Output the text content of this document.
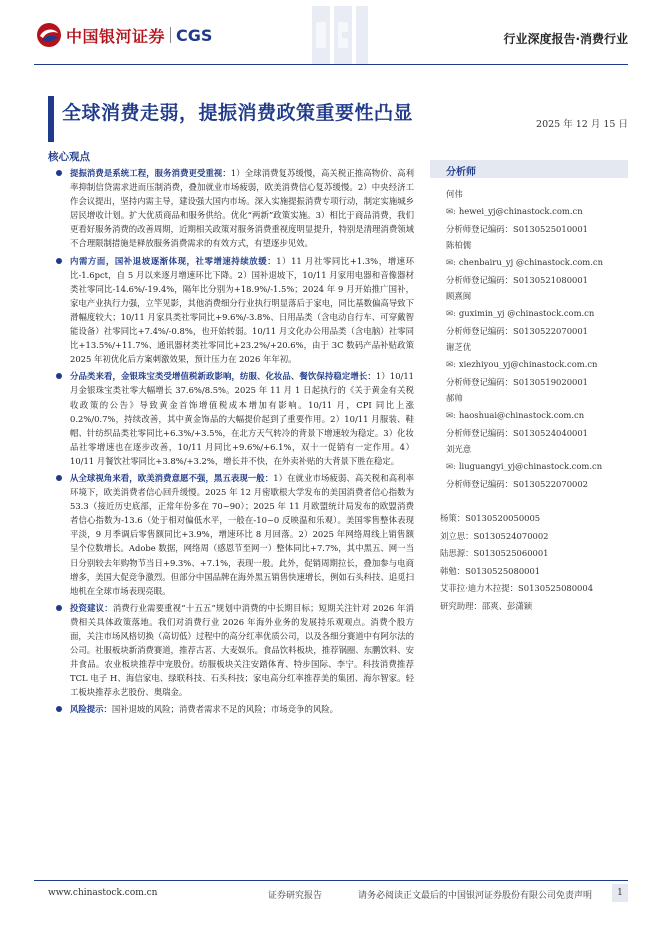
中国银河证券 CGS	行业深度报告·消费行业
全球消费走弱，提振消费政策重要性凸显
2025 年 12 月 15 日
核心观点
提振消费是系统工程，服务消费更受重视：1）全球消费复苏缓慢，高关税正推高物价、高利率抑制信贷需求进而压制消费，叠加就业市场疲弱，欧美消费信心复苏缓慢。2）中央经济工作会议提出，坚持内需主导，建设强大国内市场。深入实施提振消费专项行动，制定实施城乡居民增收计划。扩大优质商品和服务供给。优化“两新”政策实施。3）相比于商品消费，我们更看好服务消费的改善周期，近期相关政策对服务消费重视度明显提升，特别是清理消费领域不合理限制措施是释放服务消费需求的有效方式，有望逐步见效。
内需方面，国补退坡逐渐体现，社零增速持续放缓：1）11 月社零同比+1.3%，增速环比-1.6pct，自 5 月以来逐月增速环比下降。2）国补退坡下，10/11 月家用电器和音像器材类社零同比-14.6%/-19.4%，隔年比分别为+18.9%/-1.5%；2024 年 9 月开始推广国补，家电产业执行力强，立竿见影，其他消费细分行业执行明显落后于家电，同比基数偏高导致下滑幅度较大；10/11 月家具类社零同比+9.6%/-3.8%、日用品类（含电动自行车、可穿戴智能设备）社零同比+7.4%/-0.8%，也开始转弱。10/11 月文化办公用品类（含电脑）社零同比+13.5%/+11.7%、通讯器材类社零同比+23.2%/+20.6%，由于 3C 数码产品补贴政策 2025 年初优化后方案刺激效果，预计压力在 2026 年年初。
分品类来看，金银珠宝类受增值税新政影响，纺服、化妆品、餐饮保持稳定增长：1）10/11 月金银珠宝类社零大幅增长 37.6%/8.5%。2025 年 11 月 1 日起执行的《关于黄金有关税收政策的公告》导致黄金首饰增值税成本增加有影响。10/11 月，CPI 同比上涨 0.2%/0.7%，持续改善，其中黄金饰品的大幅提价起到了重要作用。2）10/11 月服装、鞋帽、针纺织品类社零同比+6.3%/+3.5%，在北方天气转冷的背景下增速较为稳定。3）化妆品社零增速也在逐步改善，10/11 月同比+9.6%/+6.1%，双十一促销有一定作用。4）10/11 月餐饮社零同比+3.8%/+3.2%，增长并不快，在外卖补贴的大背景下胜在稳定。
从全球视角来看，欧美消费意愿不强，黑五表现一般：1）在就业市场疲弱、高关税和高利率环境下，欧美消费者信心回升缓慢。2025 年 12 月密歇根大学发布的美国消费者信心指数为 53.3（接近历史底部，正常年份多在 70~90）；2025 年 11 月欧盟统计局发布的欧盟消费者信心指数为-13.6（处于相对偏低水平，一般在-10~0 反映温和乐观）。美国零售整体表现平淡，9 月季调后零售额同比+3.9%，增速环比 8 月回落。2）2025 年网络周线上销售额呈个位数增长。Adobe 数据，网络周（感恩节至网一）整体同比+7.7%，其中黑五、网一当日分别较去年购物节当日+9.3%、+7.1%，表现一般。此外，促销周期拉长，叠加参与电商增多，美国大促竞争激烈。但部分中国品牌在海外黑五销售快速增长，例如石头科技、追觅扫地机在全球市场表现亮眼。
投资建议：消费行业需要重视“十五五”规划中消费的中长期目标；短期关注针对 2026 年消费相关具体政策落地。我们对消费行业 2026 年海外业务的发展持乐观观点。消费个股方面，关注市场风格切换（高切低）过程中的高分红率优质公司，以及各细分赛道中有阿尔法的公司。社服板块新消费赛道，推荐古茗、大麦娱乐。食品饮料板块，推荐锅圈、东鹏饮料、安井食品。农业板块推荐中宠股份。纺服板块关注安踏体育、特步国际、李宁。科技消费推荐 TCL 电子 H、海信家电、绿联科技、石头科技；家电高分红率推荐美的集团、海尔智家。轻工板块推荐永艺股份、奥瑞金。
风险提示：国补退坡的风险；消费者需求不足的风险；市场竞争的风险。
分析师
何伟
✉: hewei_yj@chinastock.com.cn
分析师登记编码：S0130525010001
陈柏儒
✉: chenbairu_yj @chinastock.com.cn
分析师登记编码：S0130521080001
顾熹闽
✉: guximin_yj @chinastock.com.cn
分析师登记编码：S0130522070001
谢芝优
✉: xiezhiyou_yj@chinastock.com.cn
分析师登记编码：S0130519020001
郝帅
✉: haoshuai@chinastock.com.cn
分析师登记编码：S0130524040001
刘光意
✉: liuguangyi_yj@chinastock.com.cn
分析师登记编码：S0130522070002
杨策：S0130520050005
刘立思：S0130524070002
陆思源：S0130525060001
韩勉：S0130525080001
艾菲拉·迪力木拉提：S0130525080004
研究助理：邵爽、彭潇颖
www.chinastock.com.cn	证券研究报告	请务必阅读正文最后的中国银河证券股份有限公司免责声明	1
